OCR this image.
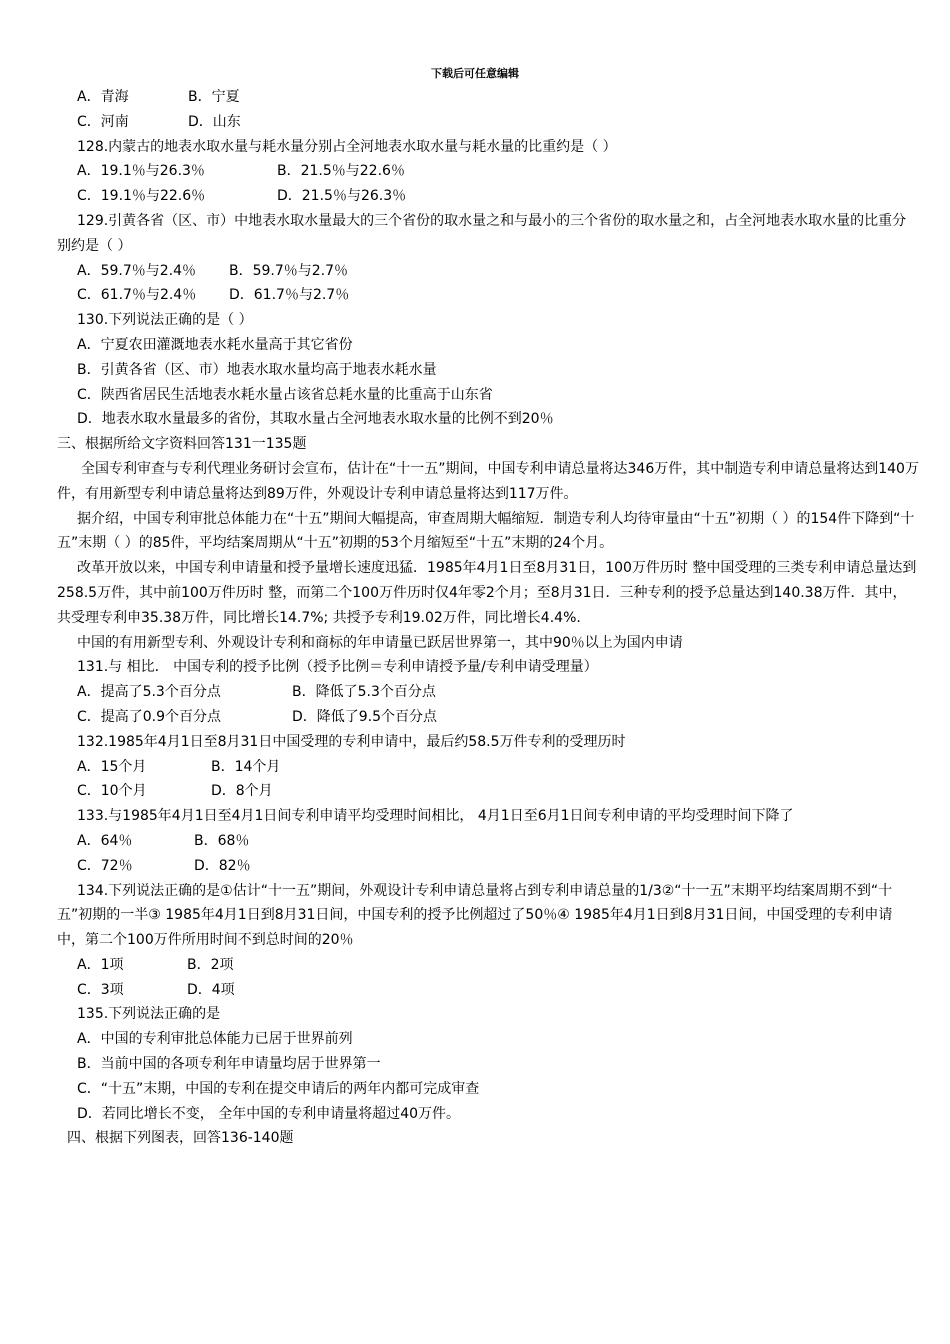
下载后可任意编辑
A．青海	B．宁夏
C．河南	D．山东
128.内蒙古的地表水取水量与耗水量分别占全河地表水取水量与耗水量的比重约是（ ）
A．19.1％与26.3％	B．21.5％与22.6％
C．19.1％与22.6％	D．21.5％与26.3％
129.引黄各省（区、市）中地表水取水量最大的三个省份的取水量之和与最小的三个省份的取水量之和，占全河地表水取水量的比重分别约是（ ）
A．59.7％与2.4％ B．59.7％与2.7％
C．61.7％与2.4％ D．61.7％与2.7％
130.下列说法正确的是（ ）
A．宁夏农田灌溉地表水耗水量高于其它省份
B．引黄各省（区、市）地表水取水量均高于地表水耗水量
C．陕西省居民生活地表水耗水量占该省总耗水量的比重高于山东省
D．地表水取水量最多的省份，其取水量占全河地表水取水量的比例不到20％
三、根据所给文字资料回答131一135题
全国专利审查与专利代理业务研讨会宣布，估计在“十一五”期间，中国专利申请总量将达346万件，其中制造专利申请总量将达到140万件，有用新型专利申请总量将达到89万件，外观设计专利申请总量将达到117万件。
据介绍，中国专利审批总体能力在“十五”期间大幅提高，审查周期大幅缩短．制造专利人均待审量由“十五”初期（ ）的154件下降到“十五”末期（ ）的85件，平均结案周期从“十五”初期的53个月缩短至“十五”末期的24个月。
改革开放以来，中国专利申请量和授予量增长速度迅猛．1985年4月1日至8月31日，100万件历时 整中国受理的三类专利申请总量达到258.5万件，其中前100万件历时 整，而第二个100万件历时仅4年零2个月；至8月31日．三种专利的授予总量达到140.38万件．其中， 共受理专利申35.38万件，同比增长14.7%; 共授予专利19.02万件，同比增长4.4%.
中国的有用新型专利、外观设计专利和商标的年申请量已跃居世界第一，其中90％以上为国内申请
131.与 相比． 中国专利的授予比例（授予比例＝专利申请授予量/专利申请受理量）
A．提高了5.3个百分点	B．降低了5.3个百分点
C．提高了0.9个百分点	D．降低了9.5个百分点
132.1985年4月1日至8月31日中国受理的专利申请中，最后约58.5万件专利的受理历时
A．15个月	B．14个月
C．10个月	D．8个月
133.与1985年4月1日至4月1日间专利申请平均受理时间相比， 4月1日至6月1日间专利申请的平均受理时间下降了
A．64％	B．68％
C．72％	D．82％
134.下列说法正确的是①估计“十一五”期间，外观设计专利申请总量将占到专利申请总量的1/3②“十一五”末期平均结案周期不到“十五”初期的一半③ 1985年4月1日到8月31日间，中国专利的授予比例超过了50％④ 1985年4月1日到8月31日间，中国受理的专利申请中，第二个100万件所用时间不到总时间的20％
A．1项	B．2项
C．3项	D．4项
135.下列说法正确的是
A．中国的专利审批总体能力已居于世界前列
B．当前中国的各项专利年申请量均居于世界第一
C．“十五”末期，中国的专利在提交申请后的两年内都可完成审查
D．若同比增长不变， 全年中国的专利申请量将超过40万件。
四、根据下列图表，回答136-140题
